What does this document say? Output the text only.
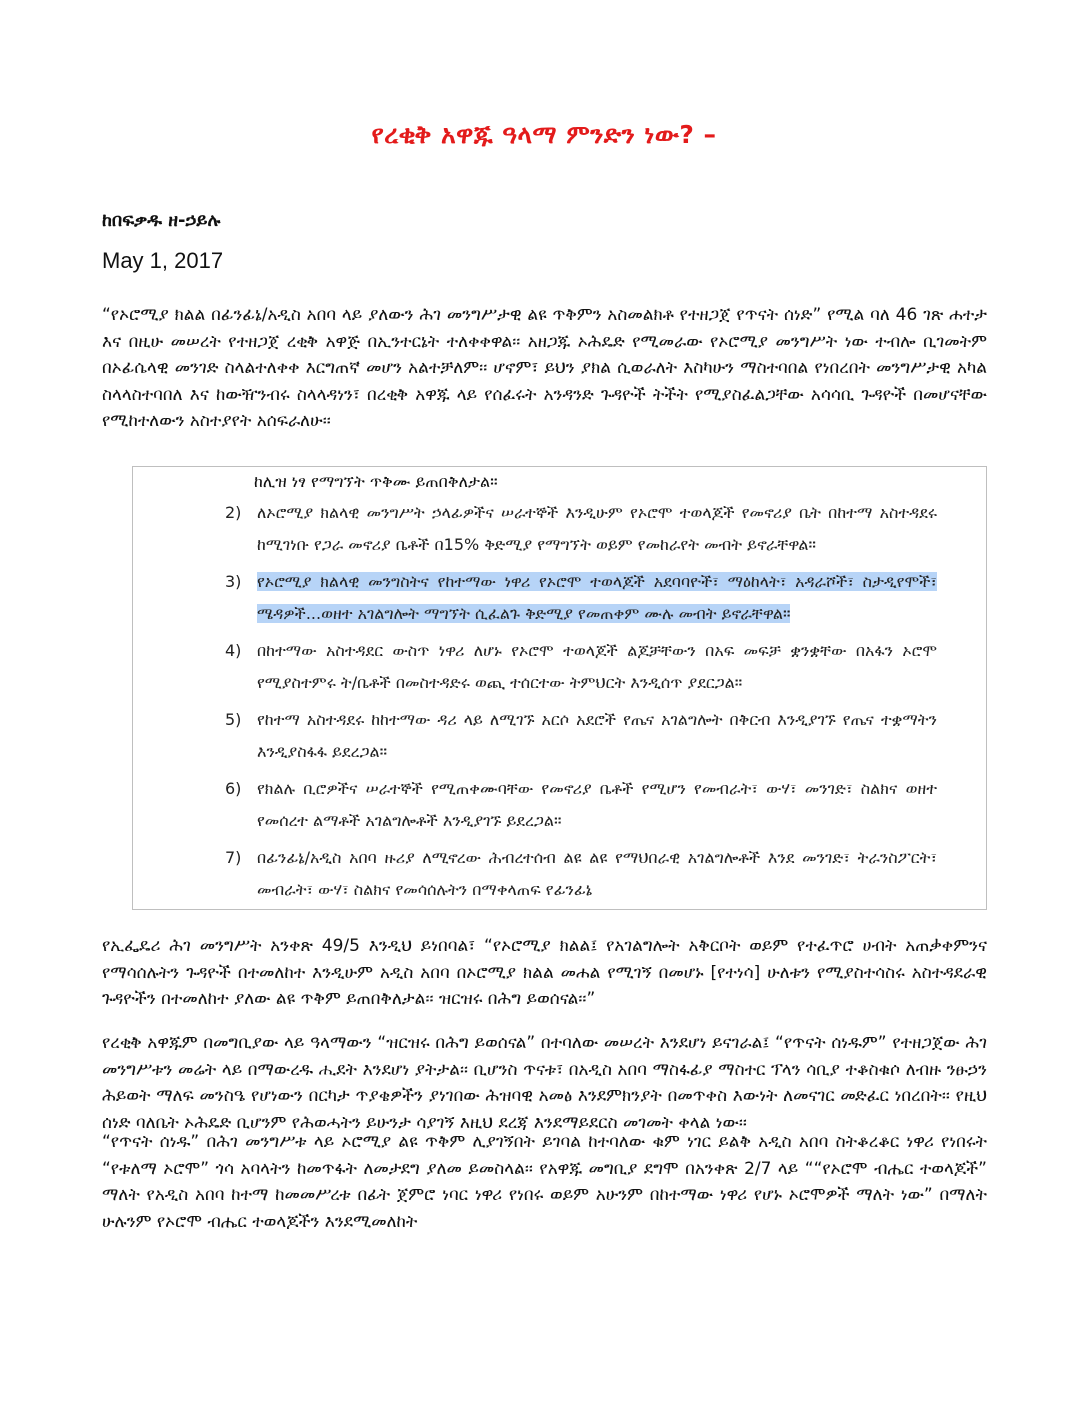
የረቂቅ አዋጁ ዓላማ ምንድን ነው? –
ከበፍቃዱ ዘ-ኃይሉ
May 1, 2017

“የኦሮሚያ ክልል በፊንፊኔ/አዲስ አበባ ላይ ያለውን ሕገ መንግሥታዊ ልዩ ጥቅምን አስመልክቶ የተዘጋጀ የጥናት ሰነድ” የሚል ባለ 46 ገጽ ሐተታ እና በዚሁ መሠረት የተዘጋጀ ረቂቅ አዋጅ በኢንተርኔት ተለቀቀዋል፡፡ አዘጋጁ ኦሕዴድ የሚመራው የኦሮሚያ መንግሥት ነው ተብሎ ቢገመትም በኦፊሴላዊ መንገድ ስላልተለቀቀ እርግጠኛ መሆን አልተቻለም፡፡ ሆኖም፣ ይህን ያክል ሲወራለት እስካሁን ማስተባበል የነበረበት መንግሥታዊ አካል ስላላስተባበለ እና ከውዥንብሩ ስላላዳነን፣ በረቂቅ አዋጁ ላይ የሰፈሩት አንዳንድ ጉዳዮች ትችት የሚያስፈልጋቸው አሳሳቢ ጉዳዮች በመሆናቸው የሚከተለውን አስተያየት አሰፍራለሁ፡፡

ከሊዝ ነፃ የማግኘት ጥቅሙ ይጠበቅለታል።
2) ለኦሮሚያ ክልላዊ መንግሥት ኃላፊዎችና ሠራተኞች እንዲሁም የኦሮሞ ተወላጆች የመኖሪያ ቤት በከተማ አስተዳደሩ ከሚገነቡ የጋራ መኖሪያ ቤቶች በ15% ቅድሚያ የማግኘት ወይም የመከራየት መብት ይኖራቸዋል።
3) የኦሮሚያ ክልላዊ መንግስትና የከተማው ነዋሪ የኦሮሞ ተወላጆች አደባባዮች፣ ማዕከላት፣ አዳራሾች፣ ስታዲየሞች፣ ሜዳዎች...ወዘተ አገልግሎት ማግኘት ሲፈልጉ ቅድሚያ የመጠቀም ሙሉ መብት ይኖራቸዋል።
4) በከተማው አስተዳደር ውስጥ ነዋሪ ለሆኑ የኦሮሞ ተወላጆች ልጆቻቸውን በአፍ መፍቻ ቋንቋቸው በአፋን ኦሮሞ የሚያስተምሩ ት/ቤቶች በመስተዳድሩ ወጪ ተሰርተው ትምህርት እንዲሰጥ ያደርጋል።
5) የከተማ አስተዳደሩ ከከተማው ዳሪ ላይ ለሚገኙ አርሶ አደሮች የጤና አገልግሎት በቅርብ እንዲያገኙ የጤና ተቋማትን እንዲያስፋፋ ይደረጋል።
6) የክልሉ ቢሮዎችና ሠራተኞች የሚጠቀሙባቸው የመኖሪያ ቤቶች የሚሆን የመብራት፣ ውሃ፣ መንገድ፣ ስልክና ወዘተ የመሰረተ ልማቶች አገልግሎቶች እንዲያገኙ ይደረጋል።
7) በፊንፊኔ/አዲስ አበባ ዙሪያ ለሚኖረው ሕብረተሰብ ልዩ ልዩ የማህበራዊ አገልግሎቶች እንደ መንገድ፣ ትራንስፖርት፣ መብራት፣ ውሃ፣ ስልክና የመሳሰሉትን በማቀላጠፍ የፊንፊኔ

የኢፌዴሪ ሕገ መንግሥት አንቀጽ 49/5 እንዲህ ይነበባል፣ “የኦሮሚያ ክልል፤ የአገልግሎት አቅርቦት ወይም የተፈጥሮ ሀብት አጠቃቀምንና የማሳሰሉትን ጉዳዮች በተመለከተ እንዲሁም አዲስ አበባ በኦሮሚያ ክልል መሐል የሚገኝ በመሆኑ [የተነሳ] ሁለቱን የሚያስተሳስሩ አስተዳደራዊ ጉዳዮችን በተመለከተ ያለው ልዩ ጥቅም ይጠበቅለታል፡፡ ዝርዝሩ በሕግ ይወሰናል፡፡”

የረቂቅ አዋጁም በመግቢያው ላይ ዓላማውን “ዝርዝሩ በሕግ ይወሰናል” በተባለው መሠረት እንደሆነ ይናገራል፤ “የጥናት ሰነዱም” የተዘጋጀው ሕገ መንግሥቱን መሬት ላይ በማውረዱ ሒደት እንደሆነ ያትታል፡፡ ቢሆንስ ጥናቱ፣ በአዲስ አበባ ማስፋፊያ ማስተር ፕላን ሳቢያ ተቆስቁሶ ለብዙ ንፁኃን ሕይወት ማለፍ መንስዔ የሆነውን በርካታ ጥያቄዎችን ያነገበው ሕዝባዊ አመፅ እንደምክንያት በመጥቀስ እውነት ለመናገር መድፈር ነበረበት፡፡ የዚህ ሰነድ ባለቤት ኦሕዴድ ቢሆንም የሕወሓትን ይሁንታ ሳያገኝ እዚህ ደረጃ እንደማይደርስ መገመት ቀላል ነው፡፡

“የጥናት ሰነዱ” በሕገ መንግሥቱ ላይ ኦሮሚያ ልዩ ጥቅም ሊያገኝበት ይገባል ከተባለው ቁም ነገር ይልቅ አዲስ አበባ ስትቆረቆር ነዋሪ የነበሩት “የቱለማ ኦሮሞ” ጎሳ አባላትን ከመጥፋት ለመታደግ ያለመ ይመስላል፡፡ የአዋጁ መግቢያ ደግሞ በአንቀጽ 2/7 ላይ ““የኦሮሞ ብሔር ተወላጆች” ማለት የአዲስ አበባ ከተማ ከመመሥረቱ በፊት ጀምሮ ነባር ነዋሪ የነበሩ ወይም አሁንም በከተማው ነዋሪ የሆኑ ኦሮሞዎች ማለት ነው” በማለት ሁሉንም የኦሮሞ ብሔር ተወላጆችን እንደሚመለከት
